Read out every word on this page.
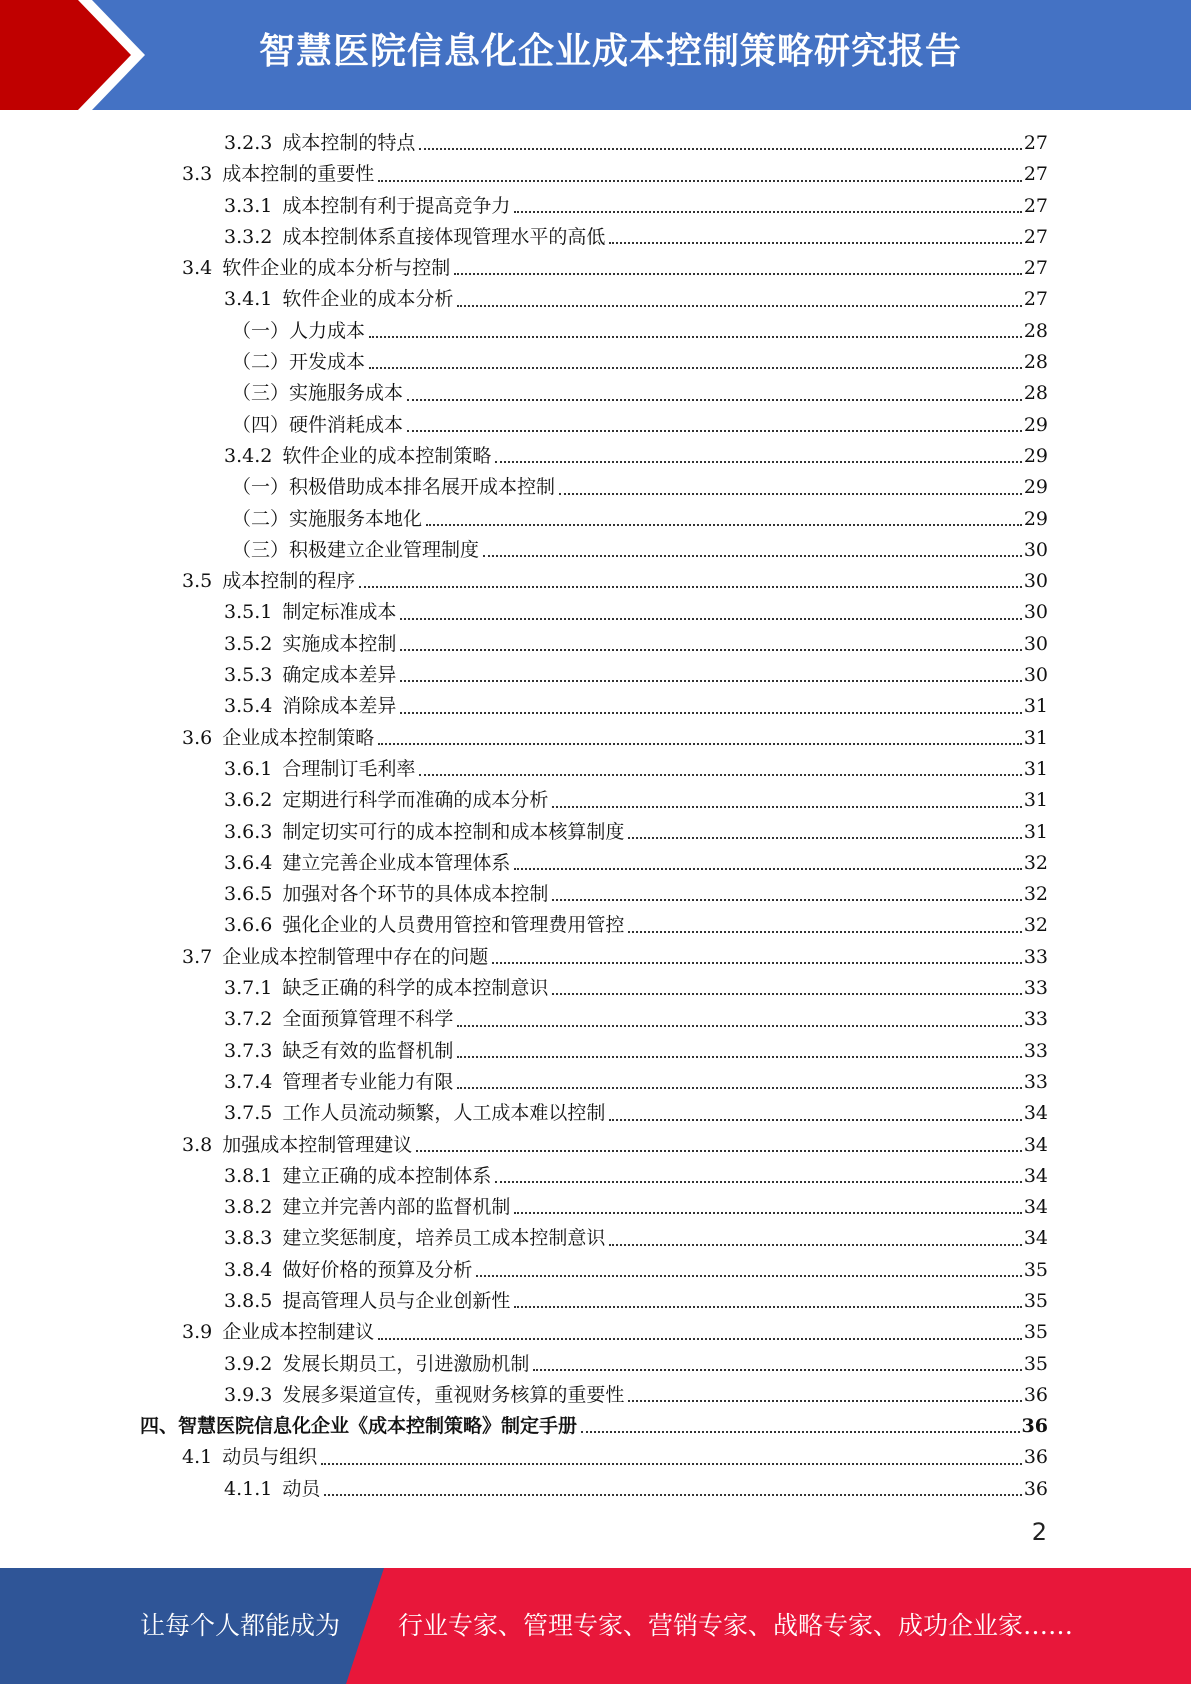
智慧医院信息化企业成本控制策略研究报告
3.2.3 成本控制的特点	27
3.3 成本控制的重要性	27
3.3.1 成本控制有利于提高竞争力	27
3.3.2 成本控制体系直接体现管理水平的高低	27
3.4 软件企业的成本分析与控制	27
3.4.1 软件企业的成本分析	27
（一）人力成本	28
（二）开发成本	28
（三）实施服务成本	28
（四）硬件消耗成本	29
3.4.2 软件企业的成本控制策略	29
（一）积极借助成本排名展开成本控制	29
（二）实施服务本地化	29
（三）积极建立企业管理制度	30
3.5 成本控制的程序	30
3.5.1 制定标准成本	30
3.5.2 实施成本控制	30
3.5.3 确定成本差异	30
3.5.4 消除成本差异	31
3.6 企业成本控制策略	31
3.6.1 合理制订毛利率	31
3.6.2 定期进行科学而准确的成本分析	31
3.6.3 制定切实可行的成本控制和成本核算制度	31
3.6.4 建立完善企业成本管理体系	32
3.6.5 加强对各个环节的具体成本控制	32
3.6.6 强化企业的人员费用管控和管理费用管控	32
3.7 企业成本控制管理中存在的问题	33
3.7.1 缺乏正确的科学的成本控制意识	33
3.7.2 全面预算管理不科学	33
3.7.3 缺乏有效的监督机制	33
3.7.4 管理者专业能力有限	33
3.7.5 工作人员流动频繁，人工成本难以控制	34
3.8 加强成本控制管理建议	34
3.8.1 建立正确的成本控制体系	34
3.8.2 建立并完善内部的监督机制	34
3.8.3 建立奖惩制度，培养员工成本控制意识	34
3.8.4 做好价格的预算及分析	35
3.8.5 提高管理人员与企业创新性	35
3.9 企业成本控制建议	35
3.9.2 发展长期员工，引进激励机制	35
3.9.3 发展多渠道宣传，重视财务核算的重要性	36
四、智慧医院信息化企业《成本控制策略》制定手册	36
4.1 动员与组织	36
4.1.1 动员	36
2
让每个人都能成为 行业专家、管理专家、营销专家、战略专家、成功企业家……
